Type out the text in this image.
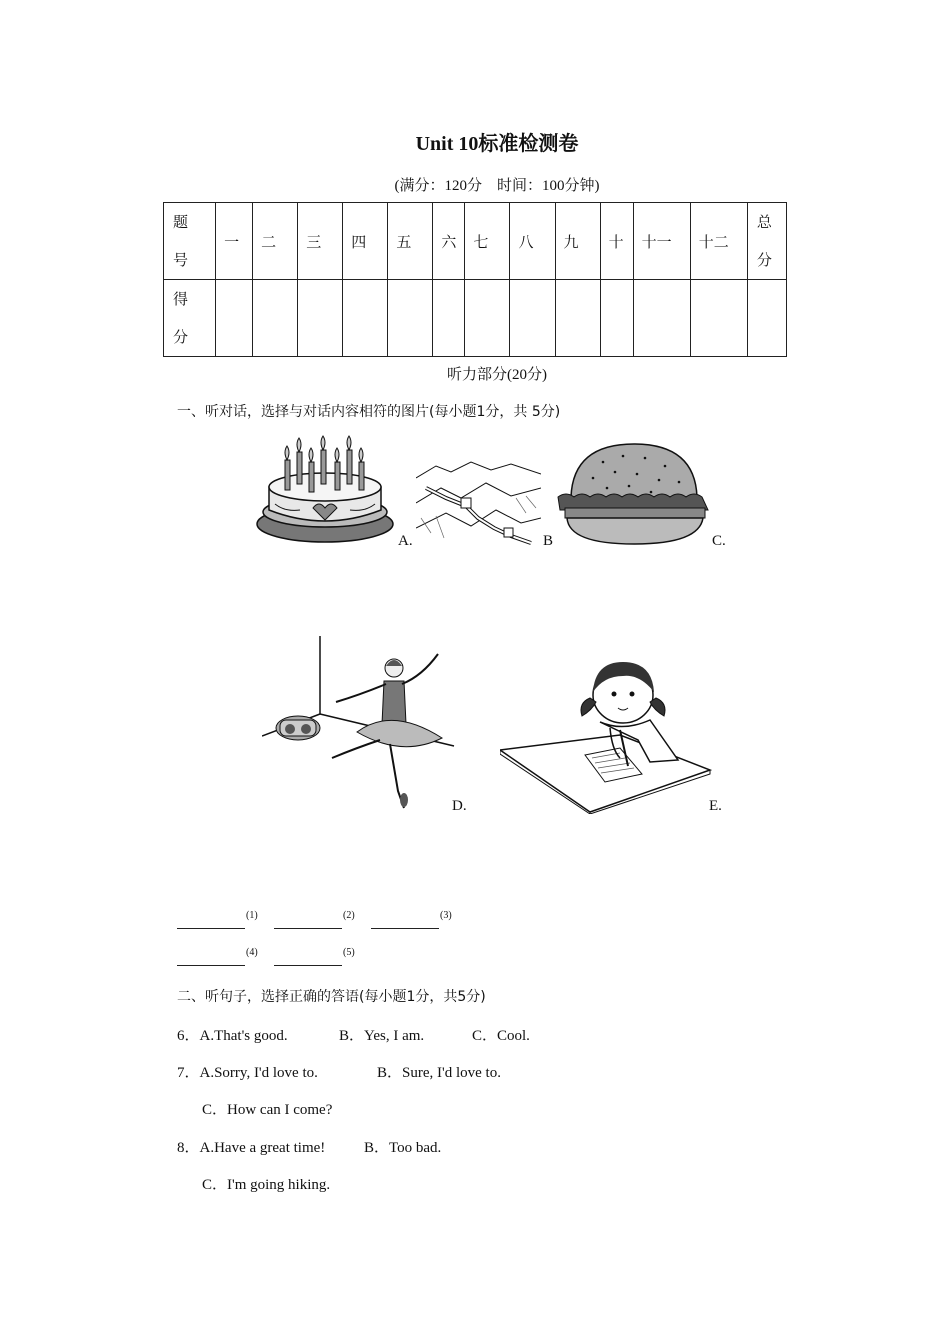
Unit 10标准检测卷
(满分：120分　时间：100分钟)
题号	一	二	三	四	五	六	七	八	九	十	十一	十二	总分

得分													

听力部分(20分)
一、听对话，选择与对话内容相符的图片(每小题1分，共 5分)
A.	B	C.
D.	E.
$^{(1)}$	$^{(2)}$	$^{(3)}$
$^{(4)}$	$^{(5)}$
二、听句子，选择正确的答语(每小题1分，共5分)
6．A.That's good.	B．Yes, I am.	C．Cool.
7．A.Sorry, I'd love to.	B．Sure, I'd love to.
C．How can I come?
8．A.Have a great time!	B．Too bad.
C．I'm going hiking.
